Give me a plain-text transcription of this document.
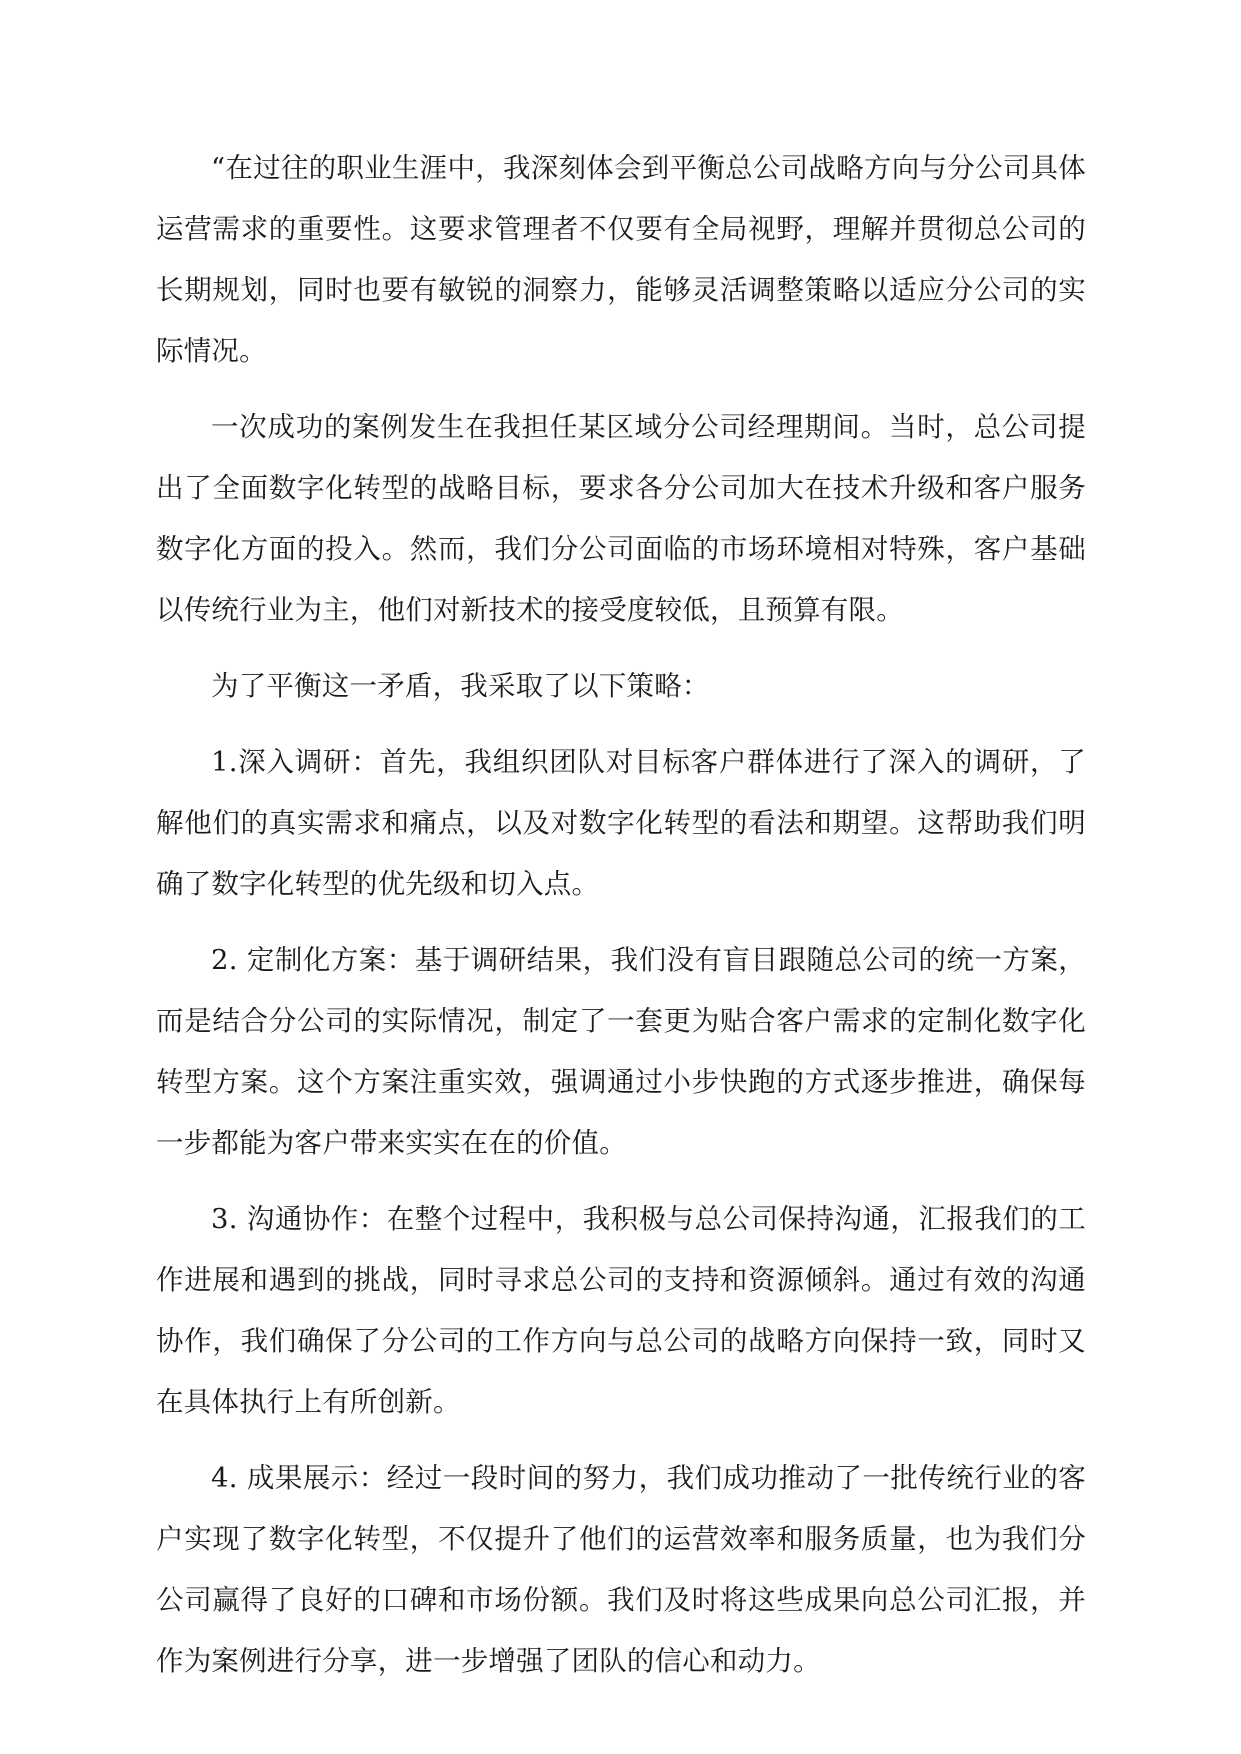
“在过往的职业生涯中，我深刻体会到平衡总公司战略方向与分公司具体运营需求的重要性。这要求管理者不仅要有全局视野，理解并贯彻总公司的长期规划，同时也要有敏锐的洞察力，能够灵活调整策略以适应分公司的实际情况。

一次成功的案例发生在我担任某区域分公司经理期间。当时，总公司提出了全面数字化转型的战略目标，要求各分公司加大在技术升级和客户服务数字化方面的投入。然而，我们分公司面临的市场环境相对特殊，客户基础以传统行业为主，他们对新技术的接受度较低，且预算有限。

为了平衡这一矛盾，我采取了以下策略：

1.深入调研：首先，我组织团队对目标客户群体进行了深入的调研，了解他们的真实需求和痛点，以及对数字化转型的看法和期望。这帮助我们明确了数字化转型的优先级和切入点。

2. 定制化方案：基于调研结果，我们没有盲目跟随总公司的统一方案，而是结合分公司的实际情况，制定了一套更为贴合客户需求的定制化数字化转型方案。这个方案注重实效，强调通过小步快跑的方式逐步推进，确保每一步都能为客户带来实实在在的价值。

3. 沟通协作：在整个过程中，我积极与总公司保持沟通，汇报我们的工作进展和遇到的挑战，同时寻求总公司的支持和资源倾斜。通过有效的沟通协作，我们确保了分公司的工作方向与总公司的战略方向保持一致，同时又在具体执行上有所创新。

4. 成果展示：经过一段时间的努力，我们成功推动了一批传统行业的客户实现了数字化转型，不仅提升了他们的运营效率和服务质量，也为我们分公司赢得了良好的口碑和市场份额。我们及时将这些成果向总公司汇报，并作为案例进行分享，进一步增强了团队的信心和动力。
